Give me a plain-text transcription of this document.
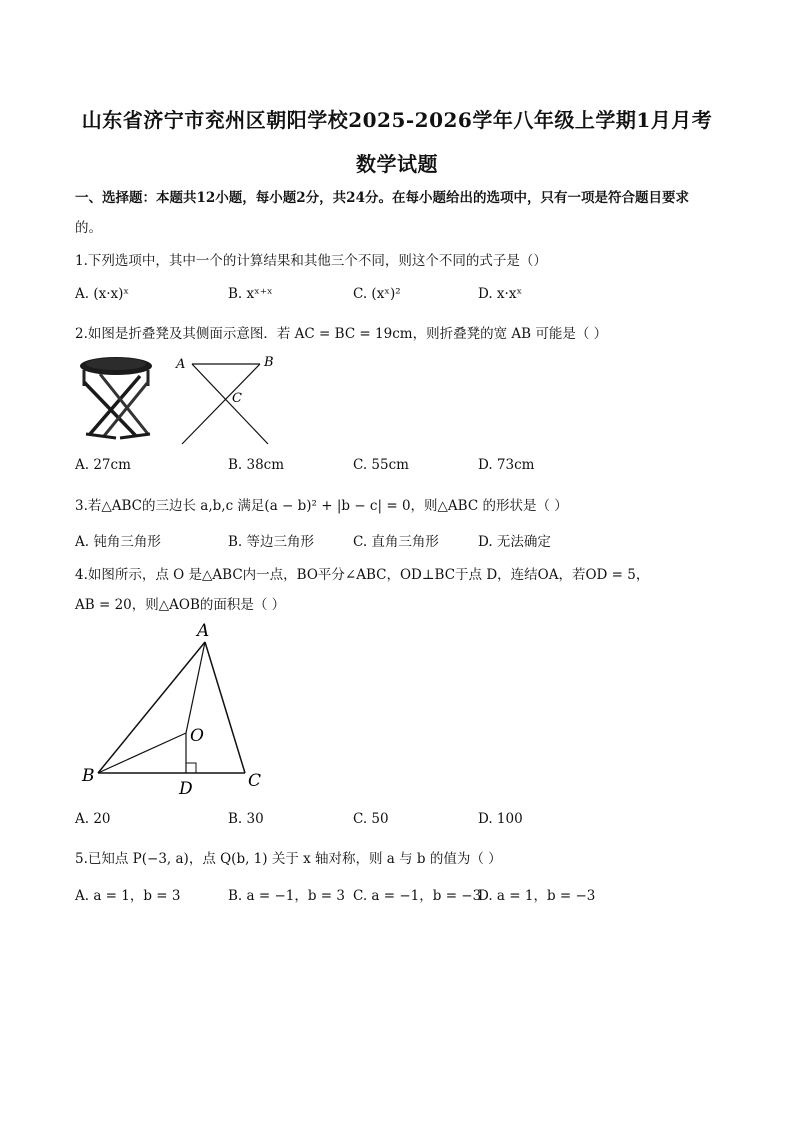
山东省济宁市兖州区朝阳学校2025-2026学年八年级上学期1月月考
数学试题
一、选择题：本题共12小题，每小题2分，共24分。在每小题给出的选项中，只有一项是符合题目要求
的。
1.下列选项中，其中一个的计算结果和其他三个不同，则这个不同的式子是（）
A. (x·x)ˣ	B. xˣ⁺ˣ	C. (xˣ)²	D. x·xˣ
2.如图是折叠凳及其侧面示意图．若 AC = BC = 19cm，则折叠凳的宽 AB 可能是（ ）
A	B
C
A. 27cm	B. 38cm	C. 55cm	D. 73cm
3.若△ABC的三边长 a,b,c 满足(a − b)² + |b − c| = 0，则△ABC 的形状是（ ）
A. 钝角三角形	B. 等边三角形	C. 直角三角形	D. 无法确定
4.如图所示，点 O 是△ABC内一点，BO平分∠ABC，OD⊥BC于点 D，连结OA，若OD = 5，
AB = 20，则△AOB的面积是（ ）
A
O
B
D	C
A. 20	B. 30	C. 50	D. 100
5.已知点 P(−3, a)，点 Q(b, 1) 关于 x 轴对称，则 a 与 b 的值为（ ）
A. a = 1，b = 3	B. a = −1，b = 3 C. a = −1，b = −3
D. a = 1，b = −3
